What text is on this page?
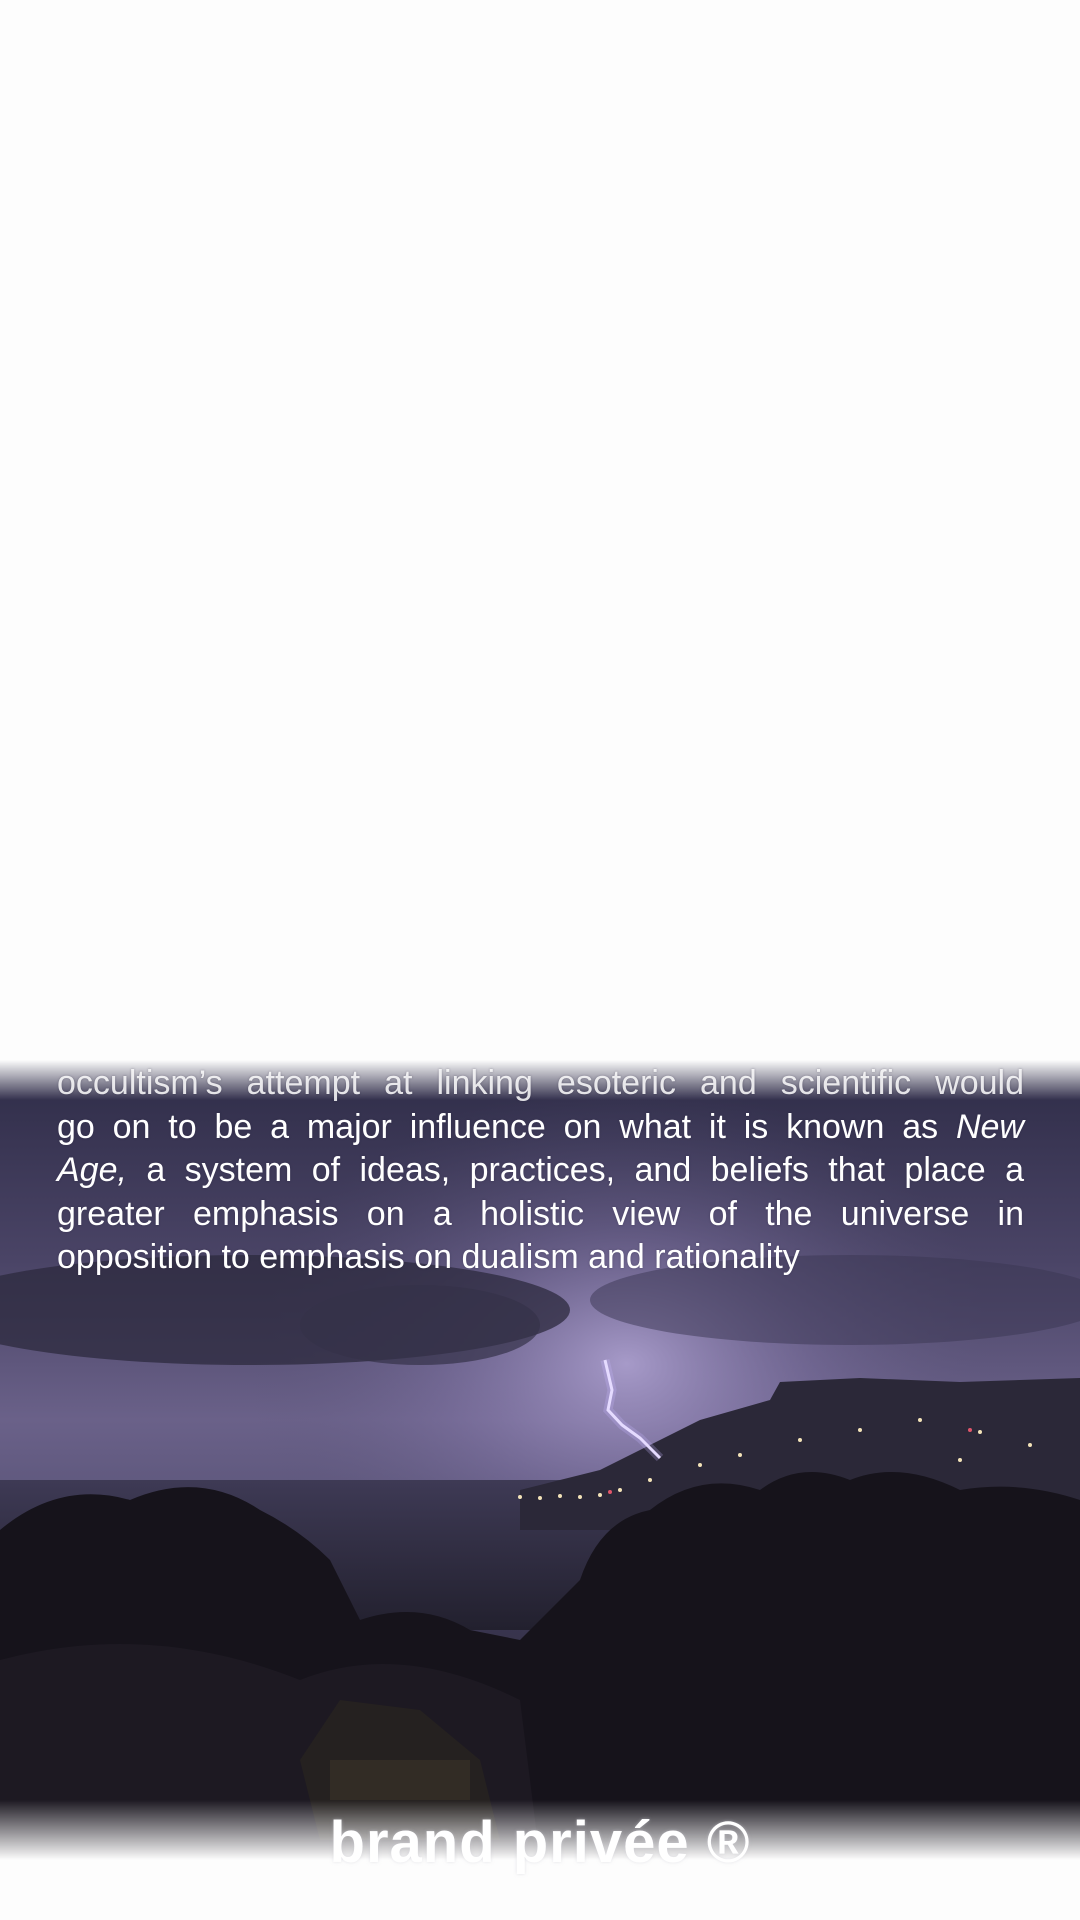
occultism’s attempt at linking esoteric and scientific would
go on to be a major influence on what it is known as New
Age, a system of ideas, practices, and beliefs that place a
greater emphasis on a holistic view of the universe in
opposition to emphasis on dualism and rationality
brand privée ®
